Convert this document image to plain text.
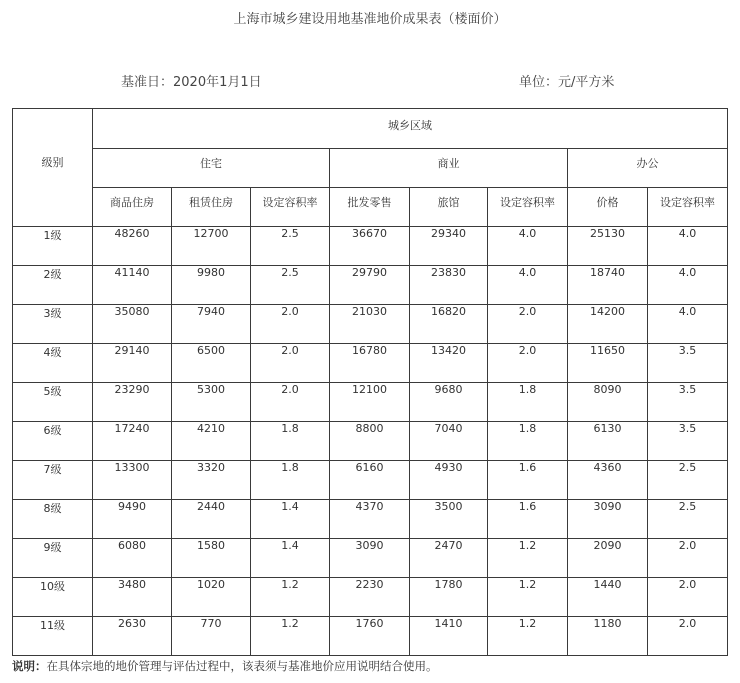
上海市城乡建设用地基准地价成果表（楼面价）
基准日：2020年1月1日	单位：元/平方米
级别	城乡区域							
	住宅			商业			办公	
	商品住房	租赁住房	设定容积率	批发零售	旅馆	设定容积率	价格	设定容积率
1级	48260	12700	2.5	36670	29340	4.0	25130	4.0
2级	41140	9980	2.5	29790	23830	4.0	18740	4.0
3级	35080	7940	2.0	21030	16820	2.0	14200	4.0
4级	29140	6500	2.0	16780	13420	2.0	11650	3.5
5级	23290	5300	2.0	12100	9680	1.8	8090	3.5
6级	17240	4210	1.8	8800	7040	1.8	6130	3.5
7级	13300	3320	1.8	6160	4930	1.6	4360	2.5
8级	9490	2440	1.4	4370	3500	1.6	3090	2.5
9级	6080	1580	1.4	3090	2470	1.2	2090	2.0
10级	3480	1020	1.2	2230	1780	1.2	1440	2.0
11级	2630	770	1.2	1760	1410	1.2	1180	2.0
说明：在具体宗地的地价管理与评估过程中，该表须与基准地价应用说明结合使用。
